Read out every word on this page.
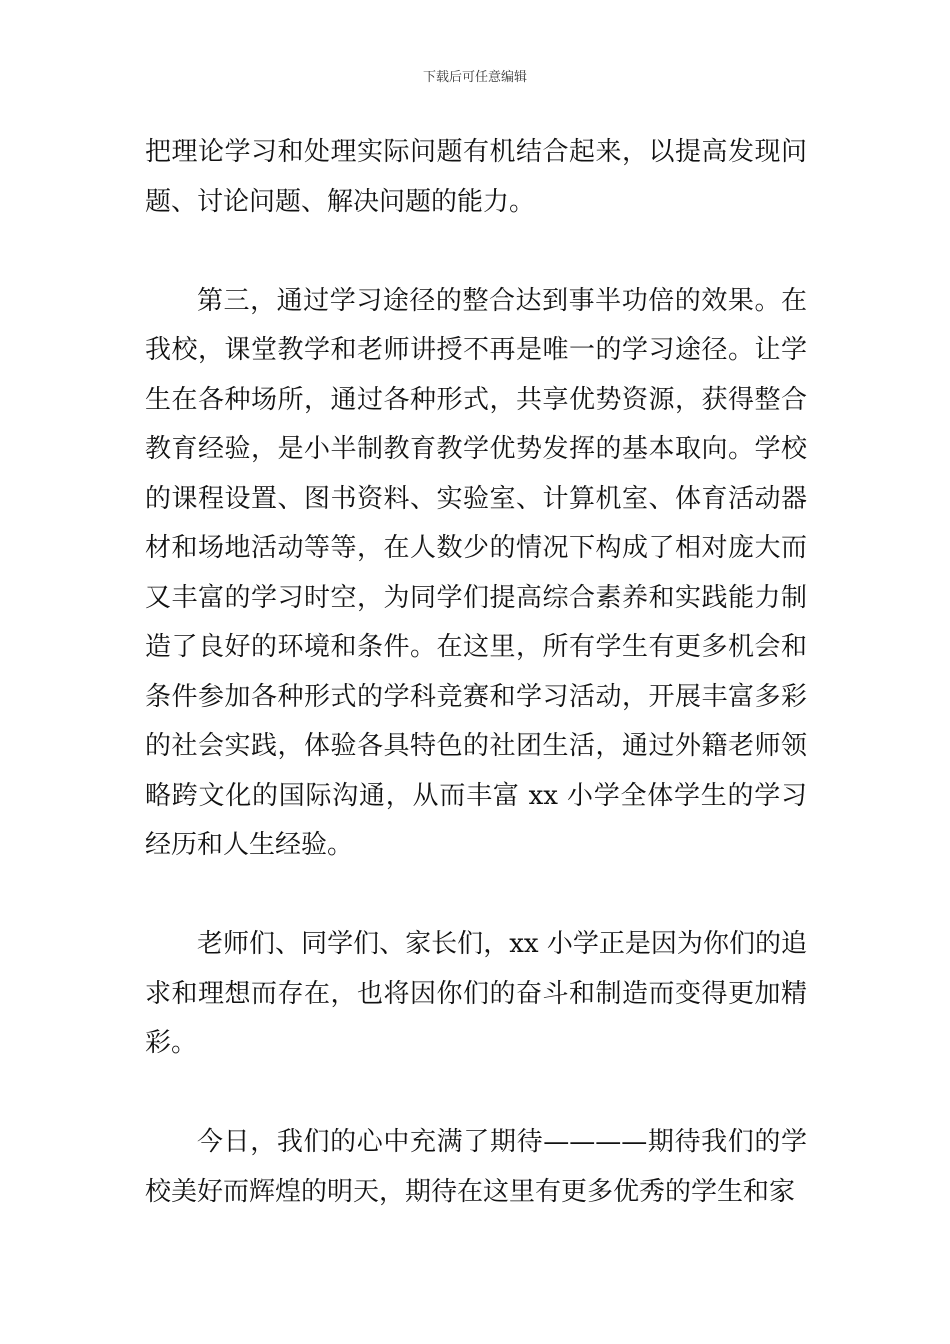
下载后可任意编辑

把理论学习和处理实际问题有机结合起来，以提高发现问题、讨论问题、解决问题的能力。

第三，通过学习途径的整合达到事半功倍的效果。在我校，课堂教学和老师讲授不再是唯一的学习途径。让学生在各种场所，通过各种形式，共享优势资源，获得整合教育经验，是小半制教育教学优势发挥的基本取向。学校的课程设置、图书资料、实验室、计算机室、体育活动器材和场地活动等等，在人数少的情况下构成了相对庞大而又丰富的学习时空，为同学们提高综合素养和实践能力制造了良好的环境和条件。在这里，所有学生有更多机会和条件参加各种形式的学科竞赛和学习活动，开展丰富多彩的社会实践，体验各具特色的社团生活，通过外籍老师领略跨文化的国际沟通，从而丰富 xx 小学全体学生的学习经历和人生经验。

老师们、同学们、家长们，xx 小学正是因为你们的追求和理想而存在，也将因你们的奋斗和制造而变得更加精彩。

今日，我们的心中充满了期待————期待我们的学校美好而辉煌的明天，期待在这里有更多优秀的学生和家
